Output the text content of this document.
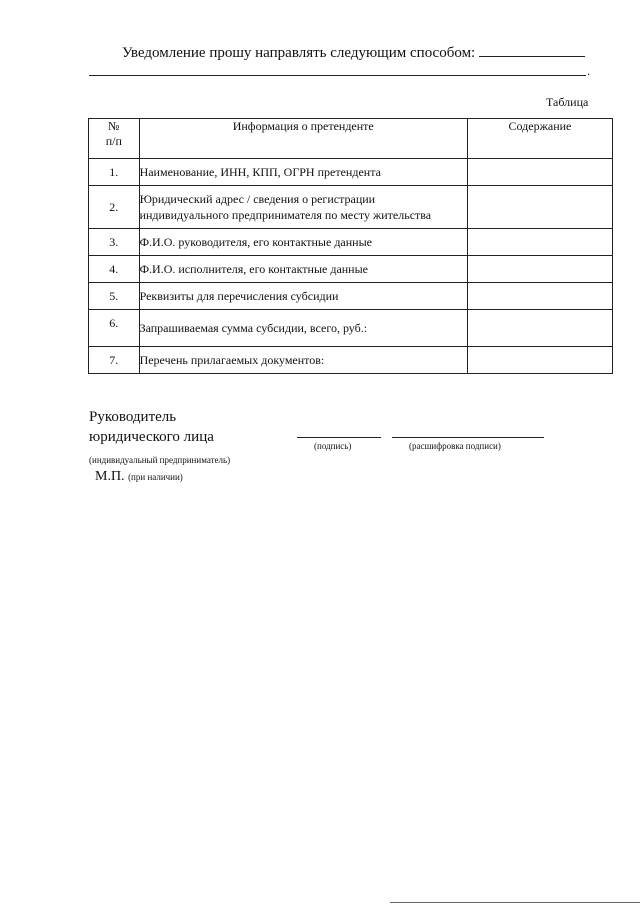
Уведомление прошу направлять следующим способом:
.
Таблица
№
п/п	Информация о претенденте	Содержание
1.	Наименование, ИНН, КПП, ОГРН претендента	
2.	Юридический адрес / сведения о регистрации индивидуального предпринимателя по месту жительства	
3.	Ф.И.О. руководителя, его контактные данные	
4.	Ф.И.О. исполнителя, его контактные данные	
5.	Реквизиты для перечисления субсидии	
6.	Запрашиваемая сумма субсидии, всего, руб.:	
7.	Перечень прилагаемых документов:	
Руководитель
юридического лица
(подпись)	(расшифровка подписи)
(индивидуальный предприниматель)
М.П. (при наличии)
